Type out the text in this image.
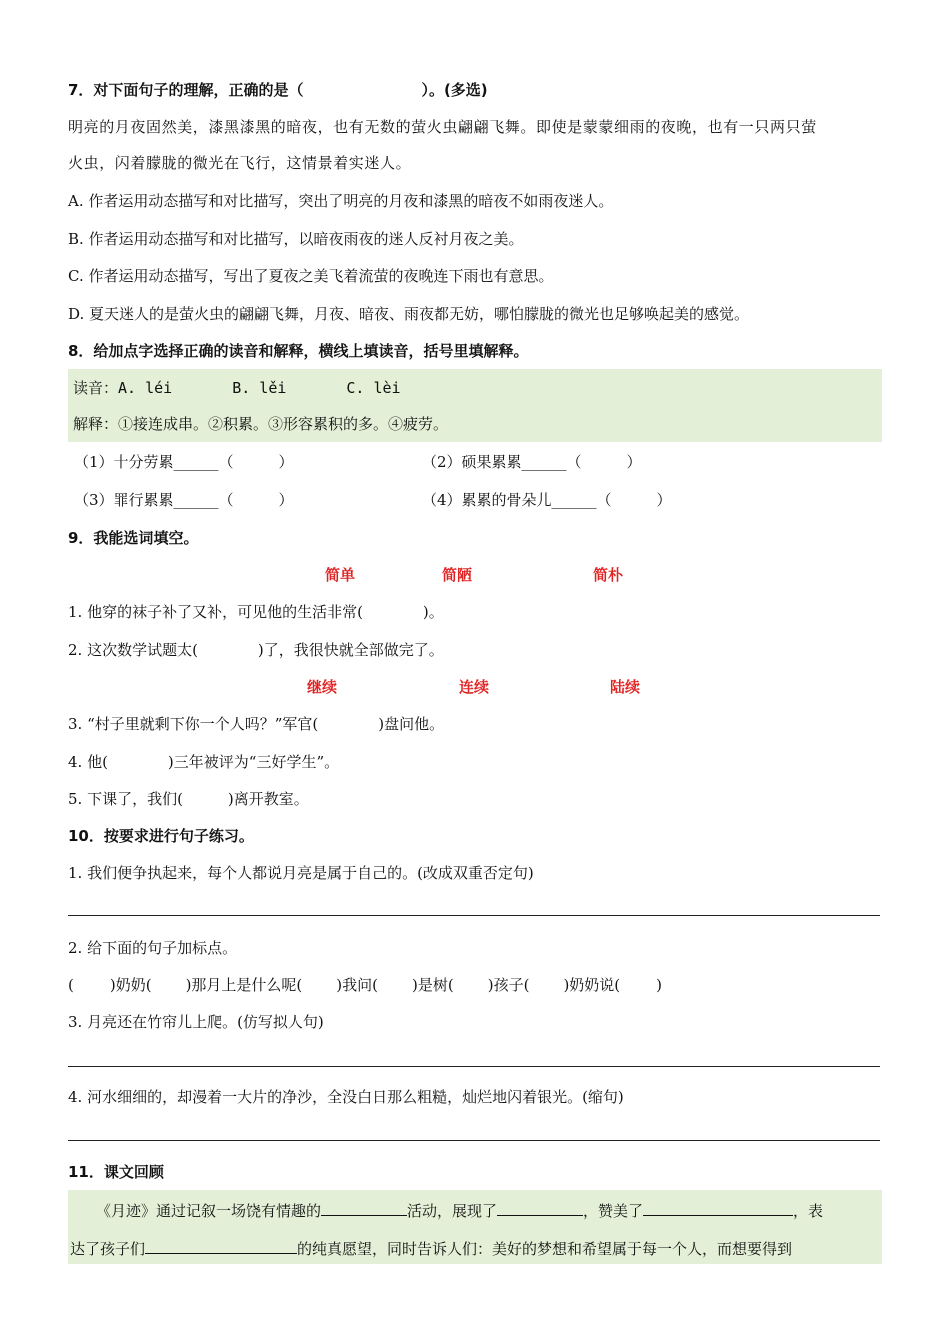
7．对下面句子的理解，正确的是（	）。(多选)
明亮的月夜固然美，漆黑漆黑的暗夜，也有无数的萤火虫翩翩飞舞。即使是蒙蒙细雨的夜晚，也有一只两只萤
火虫，闪着朦胧的微光在飞行，这情景着实迷人。
A. 作者运用动态描写和对比描写，突出了明亮的月夜和漆黑的暗夜不如雨夜迷人。
B. 作者运用动态描写和对比描写，以暗夜雨夜的迷人反衬月夜之美。
C. 作者运用动态描写，写出了夏夜之美飞着流萤的夜晚连下雨也有意思。
D. 夏天迷人的是萤火虫的翩翩飞舞，月夜、暗夜、雨夜都无妨，哪怕朦胧的微光也足够唤起美的感觉。
8．给加点字选择正确的读音和解释，横线上填读音，括号里填解释。
读音：A. léi	B. lěi	C. lèi
解释：①接连成串。②积累。③形容累积的多。④疲劳。
（1）十分劳累______（　　　）	（2）硕果累累______（　　　）
（3）罪行累累______（　　　）	（4）累累的骨朵儿______（　　　）
9．我能选词填空。
简单	简陋	简朴
1. 他穿的袜子补了又补，可见他的生活非常(　　　　)。
2. 这次数学试题太(　　　　)了，我很快就全部做完了。
继续	连续	陆续
3. “村子里就剩下你一个人吗？”军官(　　　　)盘问他。
4. 他(　　　　)三年被评为“三好学生”。
5. 下课了，我们(　　　)离开教室。
10．按要求进行句子练习。
1. 我们便争执起来，每个人都说月亮是属于自己的。(改成双重否定句)
2. 给下面的句子加标点。
( )奶奶( )那月上是什么呢( )我问( )是树( )孩子( )奶奶说( )
3. 月亮还在竹帘儿上爬。(仿写拟人句)
4. 河水细细的，却漫着一大片的净沙，全没白日那么粗糙，灿烂地闪着银光。(缩句)
11．课文回顾
《月迹》通过记叙一场饶有情趣的	活动，展现了	，赞美了	，表
达了孩子们	的纯真愿望，同时告诉人们：美好的梦想和希望属于每一个人，而想要得到
